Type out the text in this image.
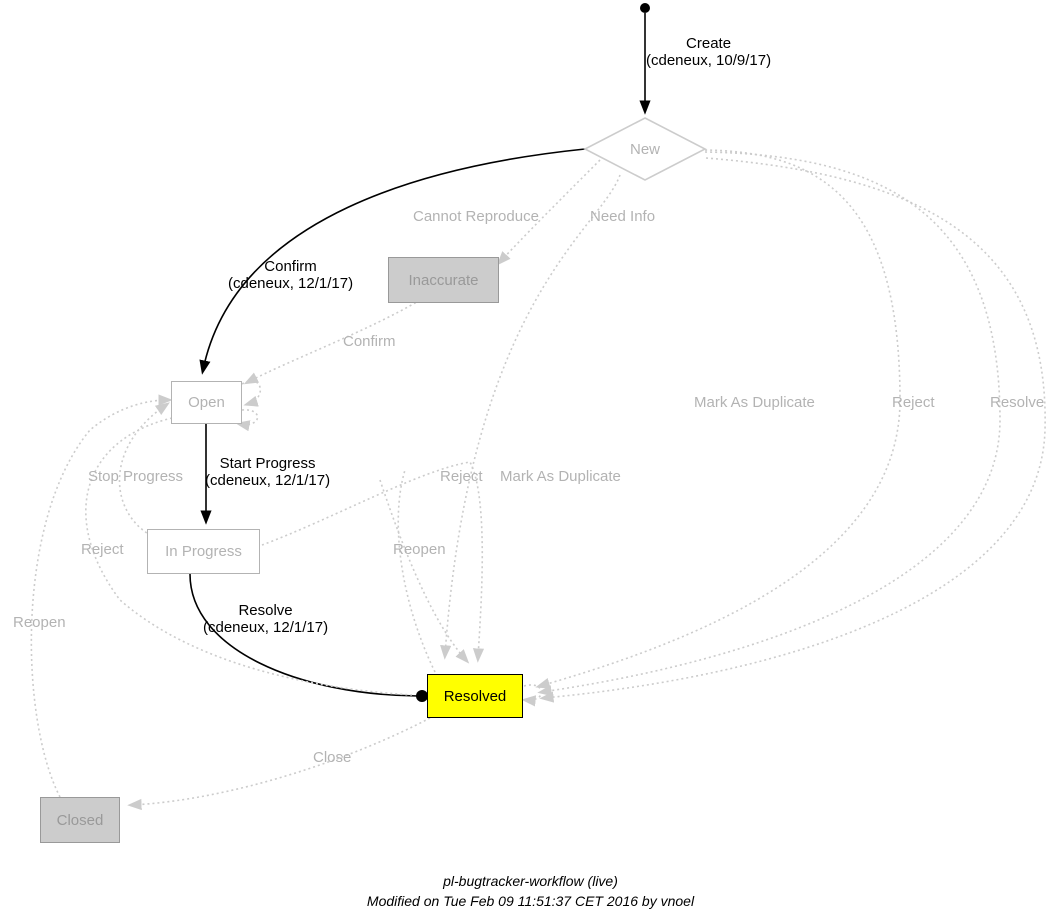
New
Inaccurate
Open
In Progress
Resolved
Closed
Create
(cdeneux, 10/9/17)
Cannot Reproduce	Need Info
Confirm
(cdeneux, 12/1/17)
Confirm
Mark As Duplicate	Reject	Resolve
Stop Progress
Start Progress
(cdeneux, 12/1/17)	Reject Mark As Duplicate
Reject	Reopen
Resolve
(cdeneux, 12/1/17)
Reopen
Close
pl-bugtracker-workflow (live)
Modified on Tue Feb 09 11:51:37 CET 2016 by vnoel
